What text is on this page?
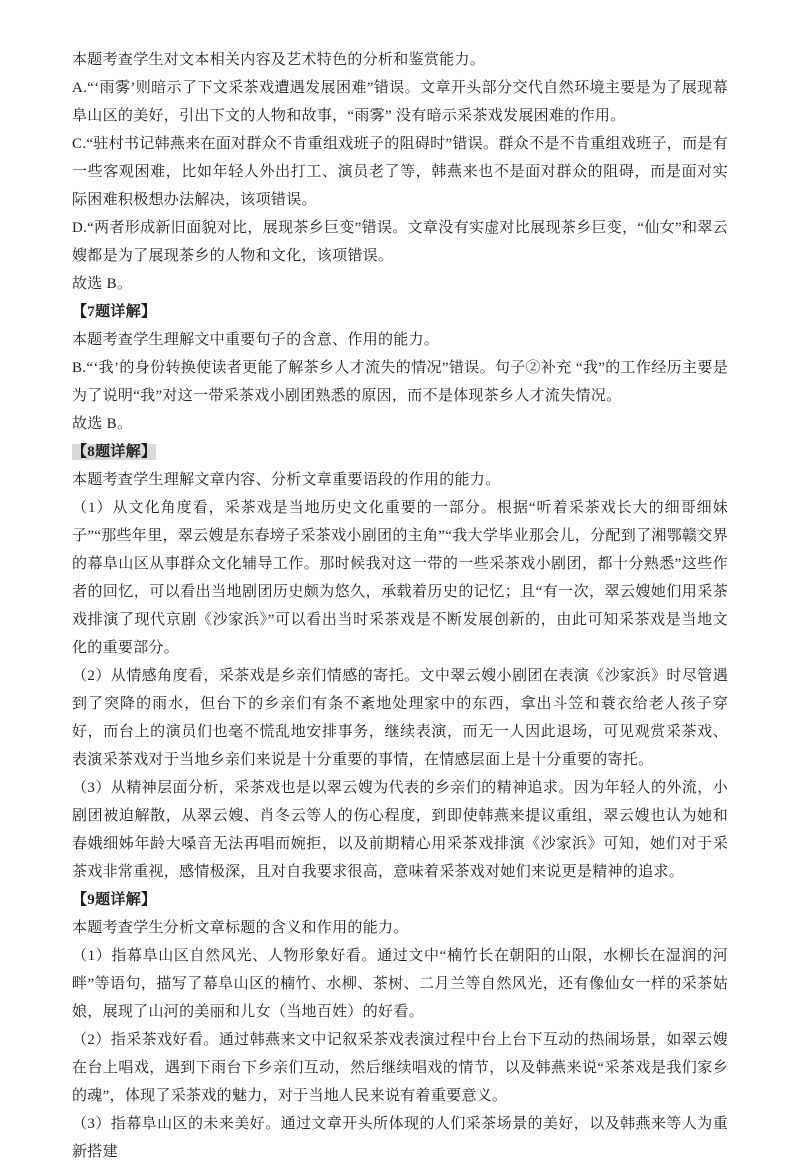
本题考查学生对文本相关内容及艺术特色的分析和鉴赏能力。
A.“‘雨雾’则暗示了下文采茶戏遭遇发展困难”错误。文章开头部分交代自然环境主要是为了展现幕阜山区的美好，引出下文的人物和故事，“雨雾” 没有暗示采茶戏发展困难的作用。
C.“驻村书记韩燕来在面对群众不肯重组戏班子的阻碍时”错误。群众不是不肯重组戏班子，而是有一些客观困难，比如年轻人外出打工、演员老了等，韩燕来也不是面对群众的阻碍，而是面对实际困难积极想办法解决，该项错误。
D.“两者形成新旧面貌对比，展现茶乡巨变”错误。文章没有实虚对比展现茶乡巨变，“仙女”和翠云嫂都是为了展现茶乡的人物和文化，该项错误。
故选 B。
【7题详解】
本题考查学生理解文中重要句子的含意、作用的能力。
B.“‘我’的身份转换使读者更能了解茶乡人才流失的情况”错误。句子②补充 “我”的工作经历主要是为了说明“我”对这一带采茶戏小剧团熟悉的原因，而不是体现茶乡人才流失情况。
故选 B。
【8题详解】
本题考查学生理解文章内容、分析文章重要语段的作用的能力。
（1）从文化角度看，采茶戏是当地历史文化重要的一部分。根据“听着采茶戏长大的细哥细妹子”“那些年里，翠云嫂是东春塝子采茶戏小剧团的主角”“我大学毕业那会儿，分配到了湘鄂赣交界的幕阜山区从事群众文化辅导工作。那时候我对这一带的一些采茶戏小剧团，都十分熟悉”这些作者的回忆，可以看出当地剧团历史颇为悠久，承载着历史的记忆；且“有一次，翠云嫂她们用采茶戏排演了现代京剧《沙家浜》”可以看出当时采茶戏是不断发展创新的，由此可知采茶戏是当地文化的重要部分。
（2）从情感角度看，采茶戏是乡亲们情感的寄托。文中翠云嫂小剧团在表演《沙家浜》时尽管遇到了突降的雨水，但台下的乡亲们有条不紊地处理家中的东西，拿出斗笠和蓑衣给老人孩子穿好，而台上的演员们也毫不慌乱地安排事务，继续表演，而无一人因此退场，可见观赏采茶戏、表演采茶戏对于当地乡亲们来说是十分重要的事情，在情感层面上是十分重要的寄托。
（3）从精神层面分析，采茶戏也是以翠云嫂为代表的乡亲们的精神追求。因为年轻人的外流，小剧团被迫解散，从翠云嫂、肖冬云等人的伤心程度，到即使韩燕来提议重组，翠云嫂也认为她和春娥细姊年龄大嗓音无法再唱而婉拒，以及前期精心用采茶戏排演《沙家浜》可知，她们对于采茶戏非常重视，感情极深，且对自我要求很高，意味着采茶戏对她们来说更是精神的追求。
【9题详解】
本题考查学生分析文章标题的含义和作用的能力。
（1）指幕阜山区自然风光、人物形象好看。通过文中“楠竹长在朝阳的山限，水柳长在湿润的河畔”等语句，描写了幕阜山区的楠竹、水柳、茶树、二月兰等自然风光，还有像仙女一样的采茶姑娘，展现了山河的美丽和儿女（当地百姓）的好看。
（2）指采茶戏好看。通过韩燕来文中记叙采茶戏表演过程中台上台下互动的热闹场景，如翠云嫂在台上唱戏，遇到下雨台下乡亲们互动，然后继续唱戏的情节，以及韩燕来说“采茶戏是我们家乡的魂”，体现了采茶戏的魅力，对于当地人民来说有着重要意义。
（3）指幕阜山区的未来美好。通过文章开头所体现的人们采茶场景的美好，以及韩燕来等人为重新搭建
